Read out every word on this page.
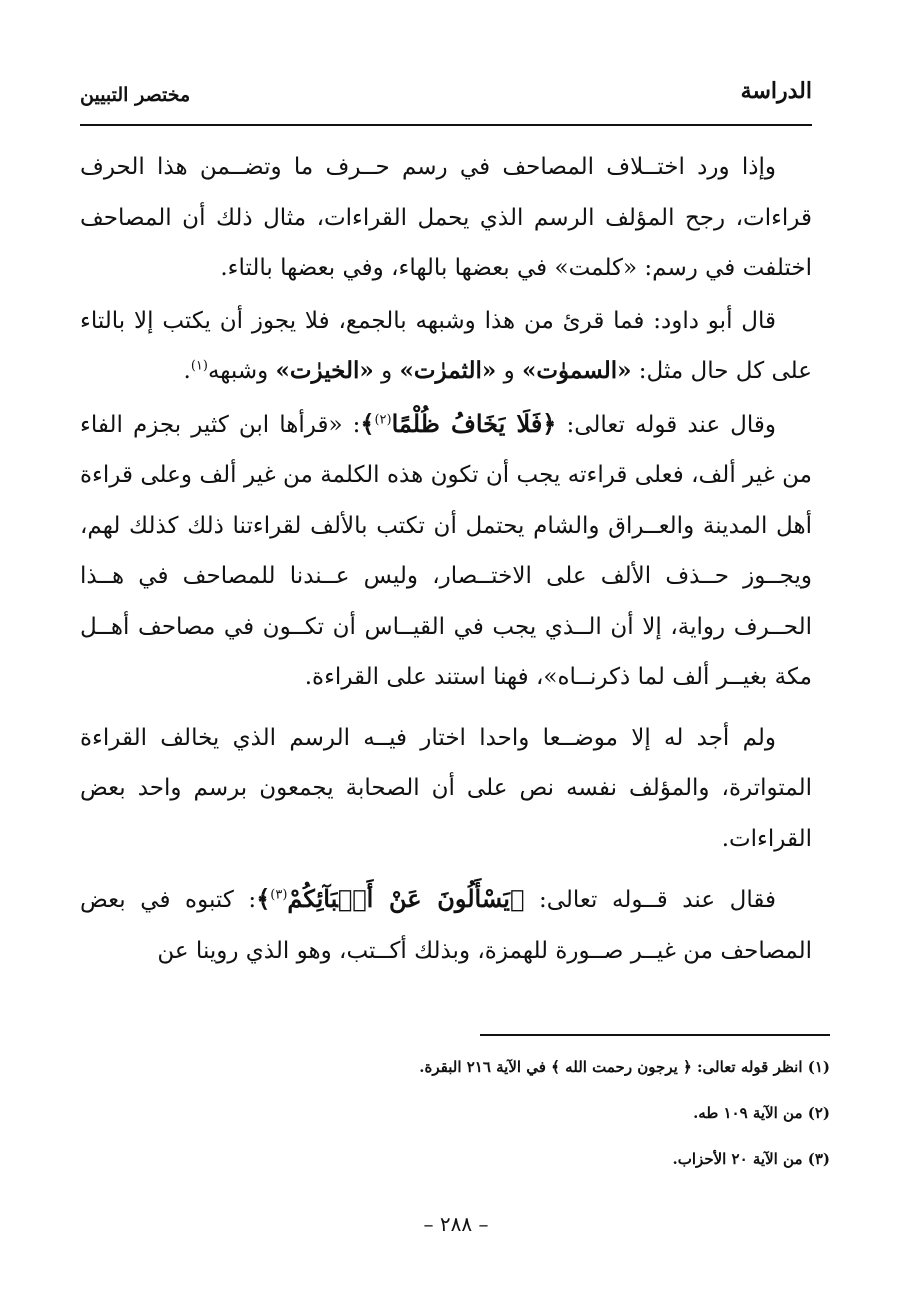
الدراسة
مختصر التبيين

وإذا ورد اختــلاف المصاحف في رسم حــرف ما وتضــمن هذا الحرف قراءات، رجح المؤلف الرسم الذي يحمل القراءات، مثال ذلك أن المصاحف اختلفت في رسم: «كلمت» في بعضها بالهاء، وفي بعضها بالتاء.

قال أبو داود: فما قرئ من هذا وشبهه بالجمع، فلا يجوز أن يكتب إلا بالتاء على كل حال مثل: «السموٰت» و «الثمرٰت» و «الخيرٰت» وشبهه$^{(١)}$.

وقال عند قوله تعالى: ﴿فَلَا يَخَافُ ظُلْمًا$^{(٢)}$﴾: «قرأها ابن كثير بجزم الفاء من غير ألف، فعلى قراءته يجب أن تكون هذه الكلمة من غير ألف وعلى قراءة أهل المدينة والعــراق والشام يحتمل أن تكتب بالألف لقراءتنا ذلك كذلك لهم، ويجــوز حــذف الألف على الاختــصار، وليس عــندنا للمصاحف في هــذا الحــرف رواية، إلا أن الــذي يجب في القيــاس أن تكــون في مصاحف أهــل مكة بغيــر ألف لما ذكرنــاه»، فهنا استند على القراءة.

ولم أجد له إلا موضــعا واحدا اختار فيــه الرسم الذي يخالف القراءة المتواترة، والمؤلف نفسه نص على أن الصحابة يجمعون برسم واحد بعض القراءات.

فقال عند قــوله تعالى: ﴿يَسْأَلُونَ عَنْ أَنۢبَآئِكُمْ$^{(٣)}$﴾: كتبوه في بعض المصاحف من غيــر صــورة للهمزة، وبذلك أكــتب، وهو الذي روينا عن

(١) انظر قوله تعالى: ﴿ يرجون رحمت الله ﴾ في الآية ٢١٦ البقرة.
(٢) من الآية ١٠٩ طه.
(٣) من الآية ٢٠ الأحزاب.
– ٢٨٨ –
